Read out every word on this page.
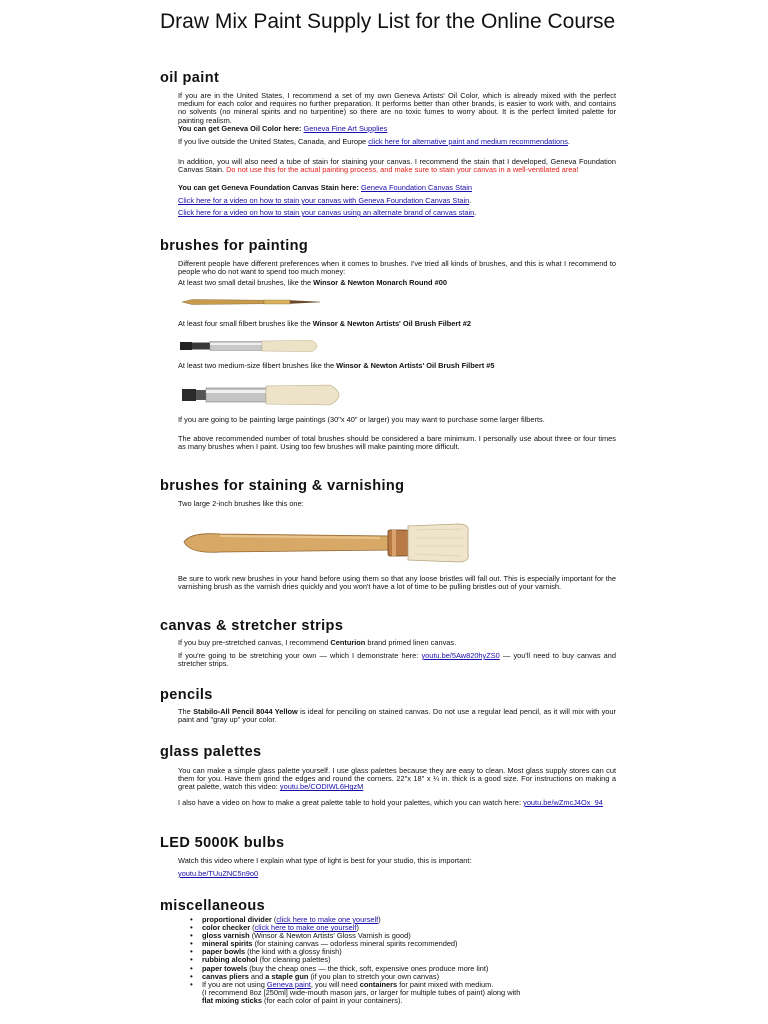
Draw Mix Paint Supply List for the Online Course
oil paint

If you are in the United States, I recommend a set of my own Geneva Artists' Oil Color, which is already mixed with the perfect medium for each color and requires no further preparation. It performs better than other brands, is easier to work with, and contains no solvents (no mineral spirits and no turpentine) so there are no toxic fumes to worry about. It is the perfect limited palette for painting realism.

You can get Geneva Oil Color here: Geneva Fine Art Supplies

If you live outside the United States, Canada, and Europe click here for alternative paint and medium recommendations.

In addition, you will also need a tube of stain for staining your canvas. I recommend the stain that I developed, Geneva Foundation Canvas Stain. Do not use this for the actual painting process, and make sure to stain your canvas in a well-ventilated area!

You can get Geneva Foundation Canvas Stain here: Geneva Foundation Canvas Stain

Click here for a video on how to stain your canvas with Geneva Foundation Canvas Stain.

Click here for a video on how to stain your canvas using an alternate brand of canvas stain.

brushes for painting

Different people have different preferences when it comes to brushes. I've tried all kinds of brushes, and this is what I recommend to people who do not want to spend too much money:

At least two small detail brushes, like the Winsor & Newton Monarch Round #00

At least four small filbert brushes like the Winsor & Newton Artists' Oil Brush Filbert #2

At least two medium-size filbert brushes like the Winsor & Newton Artists' Oil Brush Filbert #5

If you are going to be painting large paintings (30"x 40" or larger) you may want to purchase some larger filberts.

The above recommended number of total brushes should be considered a bare minimum. I personally use about three or four times as many brushes when I paint. Using too few brushes will make painting more difficult.

brushes for staining & varnishing

Two large 2-inch brushes like this one:

Be sure to work new brushes in your hand before using them so that any loose bristles will fall out. This is especially important for the varnishing brush as the varnish dries quickly and you won't have a lot of time to be pulling bristles out of your varnish.

canvas & stretcher strips

If you buy pre-stretched canvas, I recommend Centurion brand primed linen canvas.

If you're going to be stretching your own — which I demonstrate here: youtu.be/5Aw820hyZS0 — you'll need to buy canvas and stretcher strips.

pencils

The Stabilo-All Pencil 8044 Yellow is ideal for penciling on stained canvas. Do not use a regular lead pencil, as it will mix with your paint and "gray up" your color.

glass palettes

You can make a simple glass palette yourself. I use glass palettes because they are easy to clean. Most glass supply stores can cut them for you. Have them grind the edges and round the corners. 22"x 18" x ¼ in. thick is a good size. For instructions on making a great palette, watch this video: youtu.be/CODIWL6HgzM

I also have a video on how to make a great palette table to hold your palettes, which you can watch here: youtu.be/wZmcJ4Ox_94

LED 5000K bulbs

Watch this video where I explain what type of light is best for your studio, this is important:

youtu.be/TUuZNC5n9o0

miscellaneous
• proportional divider (click here to make one yourself)
• color checker (click here to make one yourself)
• gloss varnish (Winsor & Newton Artists' Gloss Varnish is good)
• mineral spirits (for staining canvas — odorless mineral spirits recommended)
• paper bowls (the kind with a glossy finish)
• rubbing alcohol (for cleaning palettes)
• paper towels (buy the cheap ones — the thick, soft, expensive ones produce more lint)
• canvas pliers and a staple gun (if you plan to stretch your own canvas)
• If you are not using Geneva paint, you will need containers for paint mixed with medium.
(I recommend 8oz [250ml] wide-mouth mason jars, or larger for multiple tubes of paint) along with
flat mixing sticks (for each color of paint in your containers).
